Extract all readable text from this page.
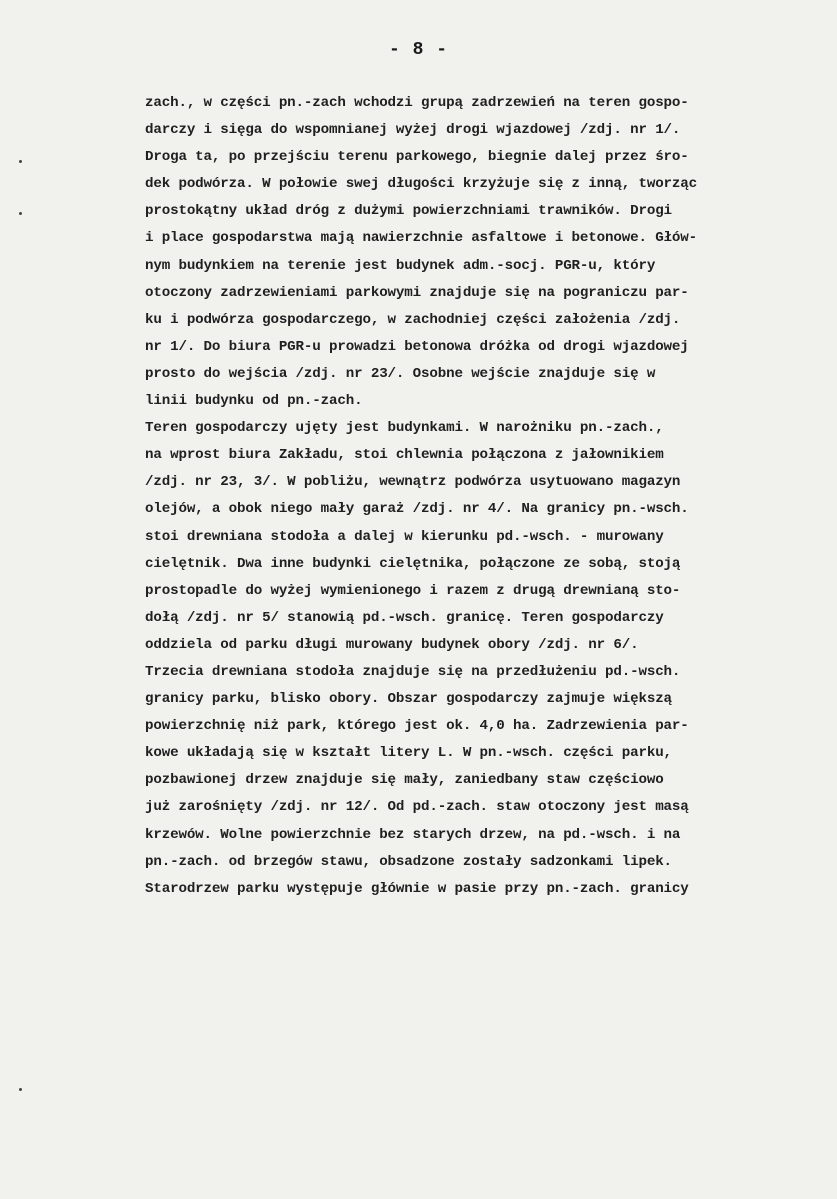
- 8 -
zach., w części pn.-zach wchodzi grupą zadrzewień na teren gospo-
darczy i sięga do wspomnianej wyżej drogi wjazdowej /zdj. nr 1/.
Droga ta, po przejściu terenu parkowego, biegnie dalej przez śro-
dek podwórza. W połowie swej długości krzyżuje się z inną, tworząc
prostokątny układ dróg z dużymi powierzchniami trawników. Drogi
i place gospodarstwa mają nawierzchnie asfaltowe i betonowe. Głów-
nym budynkiem na terenie jest budynek adm.-socj. PGR-u, który
otoczony zadrzewieniami parkowymi znajduje się na pograniczu par-
ku i podwórza gospodarczego, w zachodniej części założenia /zdj.
nr 1/. Do biura PGR-u prowadzi betonowa dróżka od drogi wjazdowej
prosto do wejścia /zdj. nr 23/. Osobne wejście znajduje się w
linii budynku od pn.-zach.
Teren gospodarczy ujęty jest budynkami. W narożniku pn.-zach.,
na wprost biura Zakładu, stoi chlewnia połączona z jałownikiem
/zdj. nr 23, 3/. W pobliżu, wewnątrz podwórza usytuowano magazyn
olejów, a obok niego mały garaż /zdj. nr 4/. Na granicy pn.-wsch.
stoi drewniana stodoła a dalej w kierunku pd.-wsch. - murowany
cielętnik. Dwa inne budynki cielętnika, połączone ze sobą, stoją
prostopadle do wyżej wymienionego i razem z drugą drewnianą sto-
dołą /zdj. nr 5/ stanowią pd.-wsch. granicę. Teren gospodarczy
oddziela od parku długi murowany budynek obory /zdj. nr 6/.
Trzecia drewniana stodoła znajduje się na przedłużeniu pd.-wsch.
granicy parku, blisko obory. Obszar gospodarczy zajmuje większą
powierzchnię niż park, którego jest ok. 4,0 ha. Zadrzewienia par-
kowe układają się w kształt litery L. W pn.-wsch. części parku,
pozbawionej drzew znajduje się mały, zaniedbany staw częściowo
już zarośnięty /zdj. nr 12/. Od pd.-zach. staw otoczony jest masą
krzewów. Wolne powierzchnie bez starych drzew, na pd.-wsch. i na
pn.-zach. od brzegów stawu, obsadzone zostały sadzonkami lipek.
Starodrzew parku występuje głównie w pasie przy pn.-zach. granicy
